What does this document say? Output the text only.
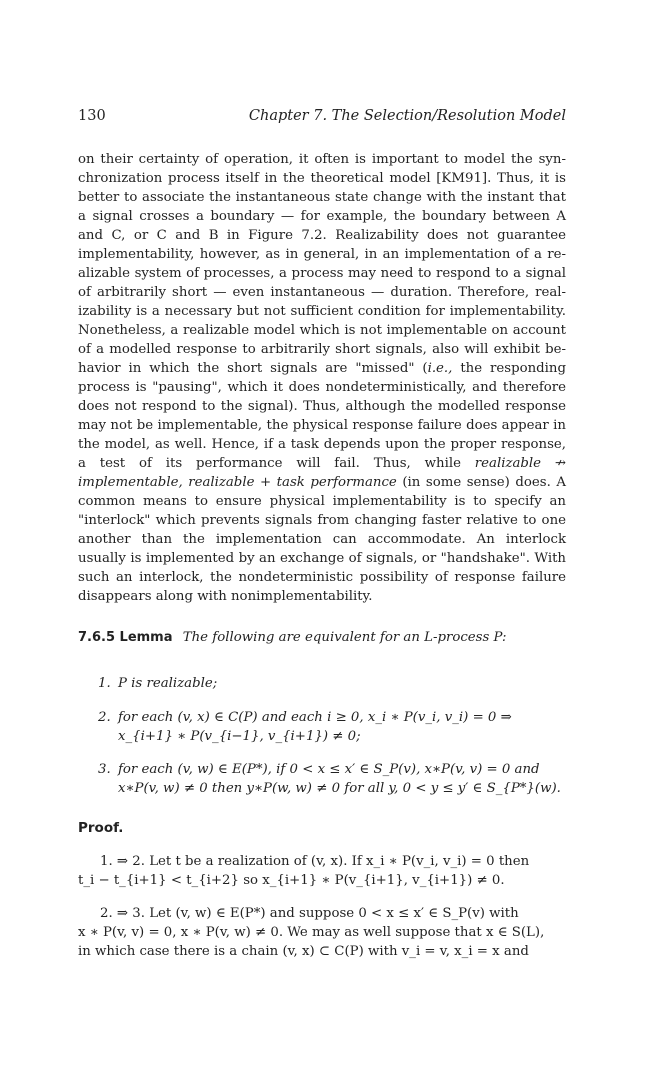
130	Chapter 7. The Selection/Resolution Model
on their certainty of operation, it often is important to model the syn-chronization process itself in the theoretical model [KM91]. Thus, it is better to associate the instantaneous state change with the instant that a signal crosses a boundary — for example, the boundary between A and C, or C and B in Figure 7.2. Realizability does not guarantee implementability, however, as in general, in an implementation of a re-alizable system of processes, a process may need to respond to a signal of arbitrarily short — even instantaneous — duration. Therefore, real-izability is a necessary but not sufficient condition for implementability. Nonetheless, a realizable model which is not implementable on account of a modelled response to arbitrarily short signals, also will exhibit be-havior in which the short signals are "missed" (i.e., the responding process is "pausing", which it does nondeterministically, and therefore does not respond to the signal). Thus, although the modelled response may not be implementable, the physical response failure does appear in the model, as well. Hence, if a task depends upon the proper response, a test of its performance will fail. Thus, while realizable ↛ implementable, realizable + task performance (in some sense) does. A common means to ensure physical implementability is to specify an "interlock" which prevents signals from changing faster relative to one another than the implementation can accommodate. An interlock usually is implemented by an exchange of signals, or "handshake". With such an interlock, the nondeterministic possibility of response failure disappears along with nonimplementability.
7.6.5 Lemma The following are equivalent for an L-process P:
1. P is realizable;
2. for each (v, x) ∈ C(P) and each i ≥ 0, x_i ∗ P(v_i, v_i) = 0 ⇒
x_{i+1} ∗ P(v_{i−1}, v_{i+1}) ≠ 0;
3. for each (v, w) ∈ E(P*), if 0 < x ≤ x′ ∈ S_P(v), x∗P(v, v) = 0 and
x∗P(v, w) ≠ 0 then y∗P(w, w) ≠ 0 for all y, 0 < y ≤ y′ ∈ S_{P*}(w).
Proof.
1. ⇒ 2. Let t be a realization of (v, x). If x_i ∗ P(v_i, v_i) = 0 then
t_i − t_{i+1} < t_{i+2} so x_{i+1} ∗ P(v_{i+1}, v_{i+1}) ≠ 0.
2. ⇒ 3. Let (v, w) ∈ E(P*) and suppose 0 < x ≤ x′ ∈ S_P(v) with
x ∗ P(v, v) = 0, x ∗ P(v, w) ≠ 0. We may as well suppose that x ∈ S(L),
in which case there is a chain (v, x) ⊂ C(P) with v_i = v, x_i = x and
